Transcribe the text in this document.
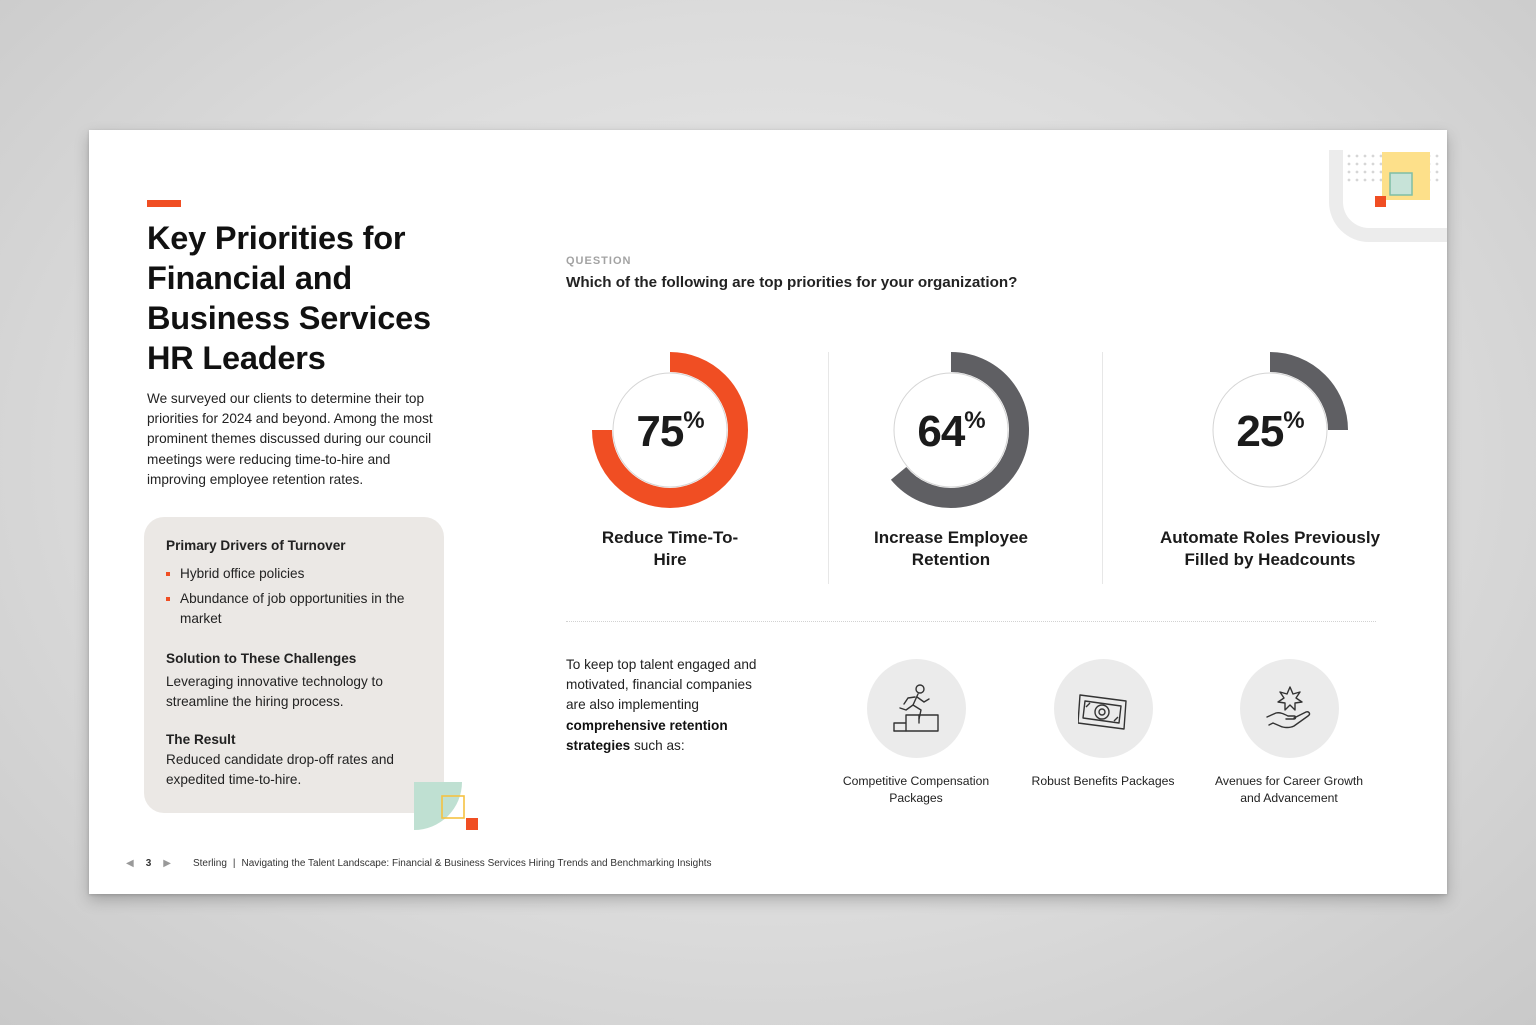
Key Priorities for Financial and Business Services HR Leaders

We surveyed our clients to determine their top priorities for 2024 and beyond. Among the most prominent themes discussed during our council meetings were reducing time-to-hire and improving employee retention rates.

Primary Drivers of Turnover
Hybrid office policies
Abundance of job opportunities in the market
Solution to These Challenges

Leveraging innovative technology to streamline the hiring process.

The Result

Reduced candidate drop-off rates and expedited time-to-hire.

QUESTION
Which of the following are top priorities for your organization?
75%

Reduce Time-To-Hire

64%

Increase Employee Retention

25%

Automate Roles Previously Filled by Headcounts

To keep top talent engaged and motivated, financial companies are also implementing comprehensive retention strategies such as:

Competitive Compensation Packages

Robust Benefits Packages	Avenues for Career Growth and Advancement

◀ 3 ▶ Sterling | Navigating the Talent Landscape: Financial & Business Services Hiring Trends and Benchmarking Insights
